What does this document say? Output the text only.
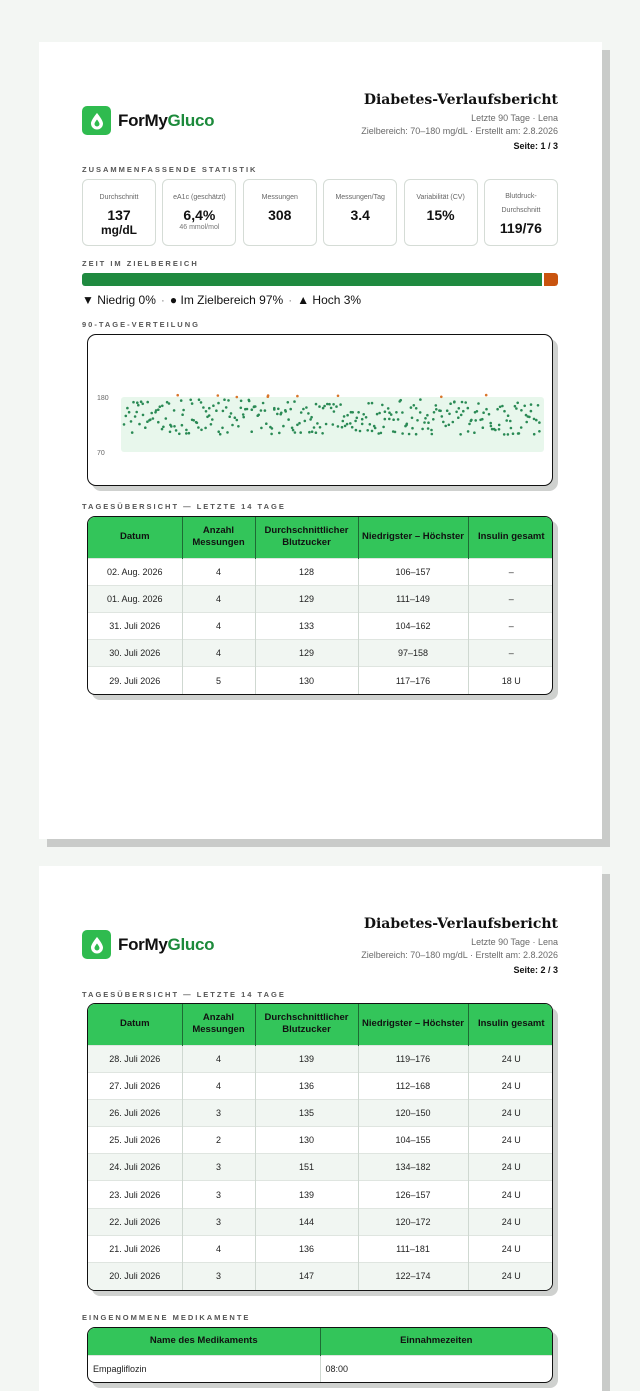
ForMyGluco
Diabetes-Verlaufsbericht
Letzte 90 Tage · Lena
Zielbereich: 70–180 mg/dL · Erstellt am: 2.8.2026
Seite: 1 / 3
ZUSAMMENFASSENDE STATISTIK
Durchschnitt
137
mg/dL
eA1c (geschätzt)
6,4%
46 mmol/mol
Messungen
308
Messungen/Tag
3.4
Variabilität (CV)
15%
Blutdruck-Durchschnitt
119/76
ZEIT IM ZIELBEREICH
▼ Niedrig 0% · ● Im Zielbereich 97% · ▲ Hoch 3%
90-TAGE-VERTEILUNG
180
70
TAGESÜBERSICHT — LETZTE 14 TAGE
Datum	Anzahl Messungen	Durchschnittlicher Blutzucker	Niedrigster – Höchster	Insulin gesamt
02. Aug. 2026	4	128	106–157	–
01. Aug. 2026	4	129	111–149	–
31. Juli 2026	4	133	104–162	–
30. Juli 2026	4	129	97–158	–
29. Juli 2026	5	130	117–176	18 U
ForMyGluco
Diabetes-Verlaufsbericht
Letzte 90 Tage · Lena
Zielbereich: 70–180 mg/dL · Erstellt am: 2.8.2026
Seite: 2 / 3
TAGESÜBERSICHT — LETZTE 14 TAGE
Datum	Anzahl Messungen	Durchschnittlicher Blutzucker	Niedrigster – Höchster	Insulin gesamt
28. Juli 2026	4	139	119–176	24 U
27. Juli 2026	4	136	112–168	24 U
26. Juli 2026	3	135	120–150	24 U
25. Juli 2026	2	130	104–155	24 U
24. Juli 2026	3	151	134–182	24 U
23. Juli 2026	3	139	126–157	24 U
22. Juli 2026	3	144	120–172	24 U
21. Juli 2026	4	136	111–181	24 U
20. Juli 2026	3	147	122–174	24 U
EINGENOMMENE MEDIKAMENTE
Name des Medikaments	Einnahmezeiten
Empagliflozin	08:00
